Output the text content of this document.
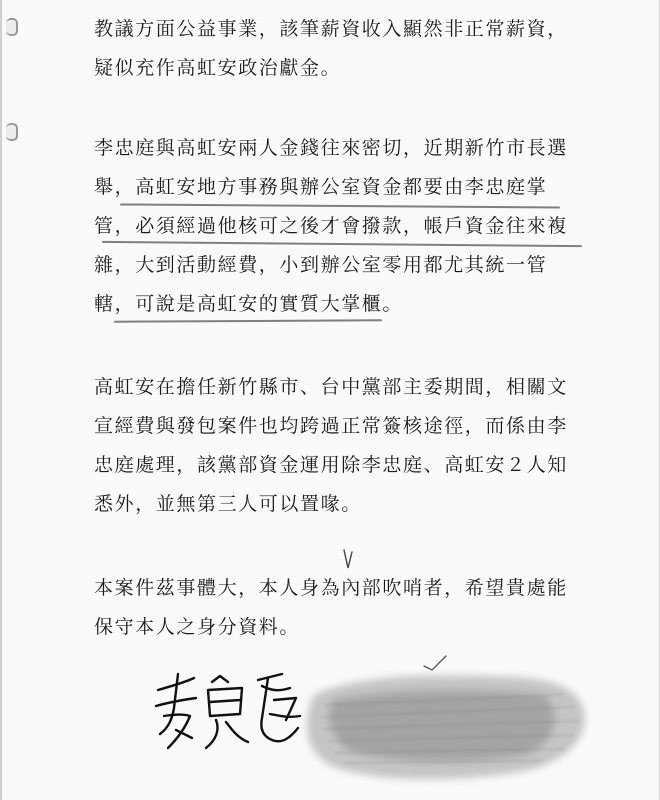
教議方面公益事業，該筆薪資收入顯然非正常薪資，
疑似充作高虹安政治獻金。
李忠庭與高虹安兩人金錢往來密切，近期新竹市長選
舉，高虹安地方事務與辦公室資金都要由李忠庭掌
管，必須經過他核可之後才會撥款，帳戶資金往來複
雜，大到活動經費，小到辦公室零用都尤其統一管
轄，可說是高虹安的實質大掌櫃。
高虹安在擔任新竹縣市、台中黨部主委期間，相關文
宣經費與發包案件也均跨過正常簽核途徑，而係由李
忠庭處理，該黨部資金運用除李忠庭、高虹安２人知
悉外，並無第三人可以置喙。
本案件茲事體大，本人身為內部吹哨者，希望貴處能
保守本人之身分資料。
